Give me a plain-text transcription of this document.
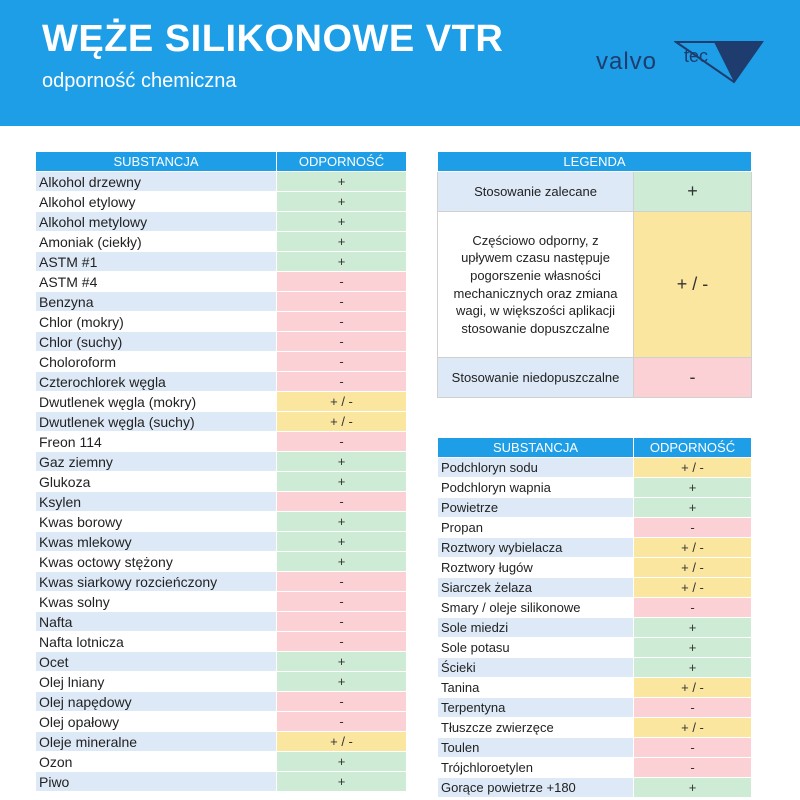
WĘŻE SILIKONOWE VTR
odporność chemiczna
valvo tec
SUBSTANCJA	ODPORNOŚĆ
Alkohol drzewny	+
Alkohol etylowy	+
Alkohol metylowy	+
Amoniak (ciekły)	+
ASTM #1	+
ASTM #4	-
Benzyna	-
Chlor (mokry)	-
Chlor (suchy)	-
Choloroform	-
Czterochlorek węgla	-
Dwutlenek węgla (mokry)	+ / -
Dwutlenek węgla (suchy)	+ / -
Freon 114	-
Gaz ziemny	+
Glukoza	+
Ksylen	-
Kwas borowy	+
Kwas mlekowy	+
Kwas octowy stężony	+
Kwas siarkowy rozcieńczony	-
Kwas solny	-
Nafta	-
Nafta lotnicza	-
Ocet	+
Olej lniany	+
Olej napędowy	-
Olej opałowy	-
Oleje mineralne	+ / -
Ozon	+
Piwo	+
LEGENDA	
Stosowanie zalecane	+
Częściowo odporny, z upływem czasu następuje pogorszenie własności mechanicznych oraz zmiana wagi, w większości aplikacji stosowanie dopuszczalne	+ / -
Stosowanie niedopuszczalne	-
SUBSTANCJA	ODPORNOŚĆ
Podchloryn sodu	+ / -
Podchloryn wapnia	+
Powietrze	+
Propan	-
Roztwory wybielacza	+ / -
Roztwory ługów	+ / -
Siarczek żelaza	+ / -
Smary / oleje silikonowe	-
Sole miedzi	+
Sole potasu	+
Ścieki	+
Tanina	+ / -
Terpentyna	-
Tłuszcze zwierzęce	+ / -
Toulen	-
Trójchloroetylen	-
Gorące powietrze +180	+
